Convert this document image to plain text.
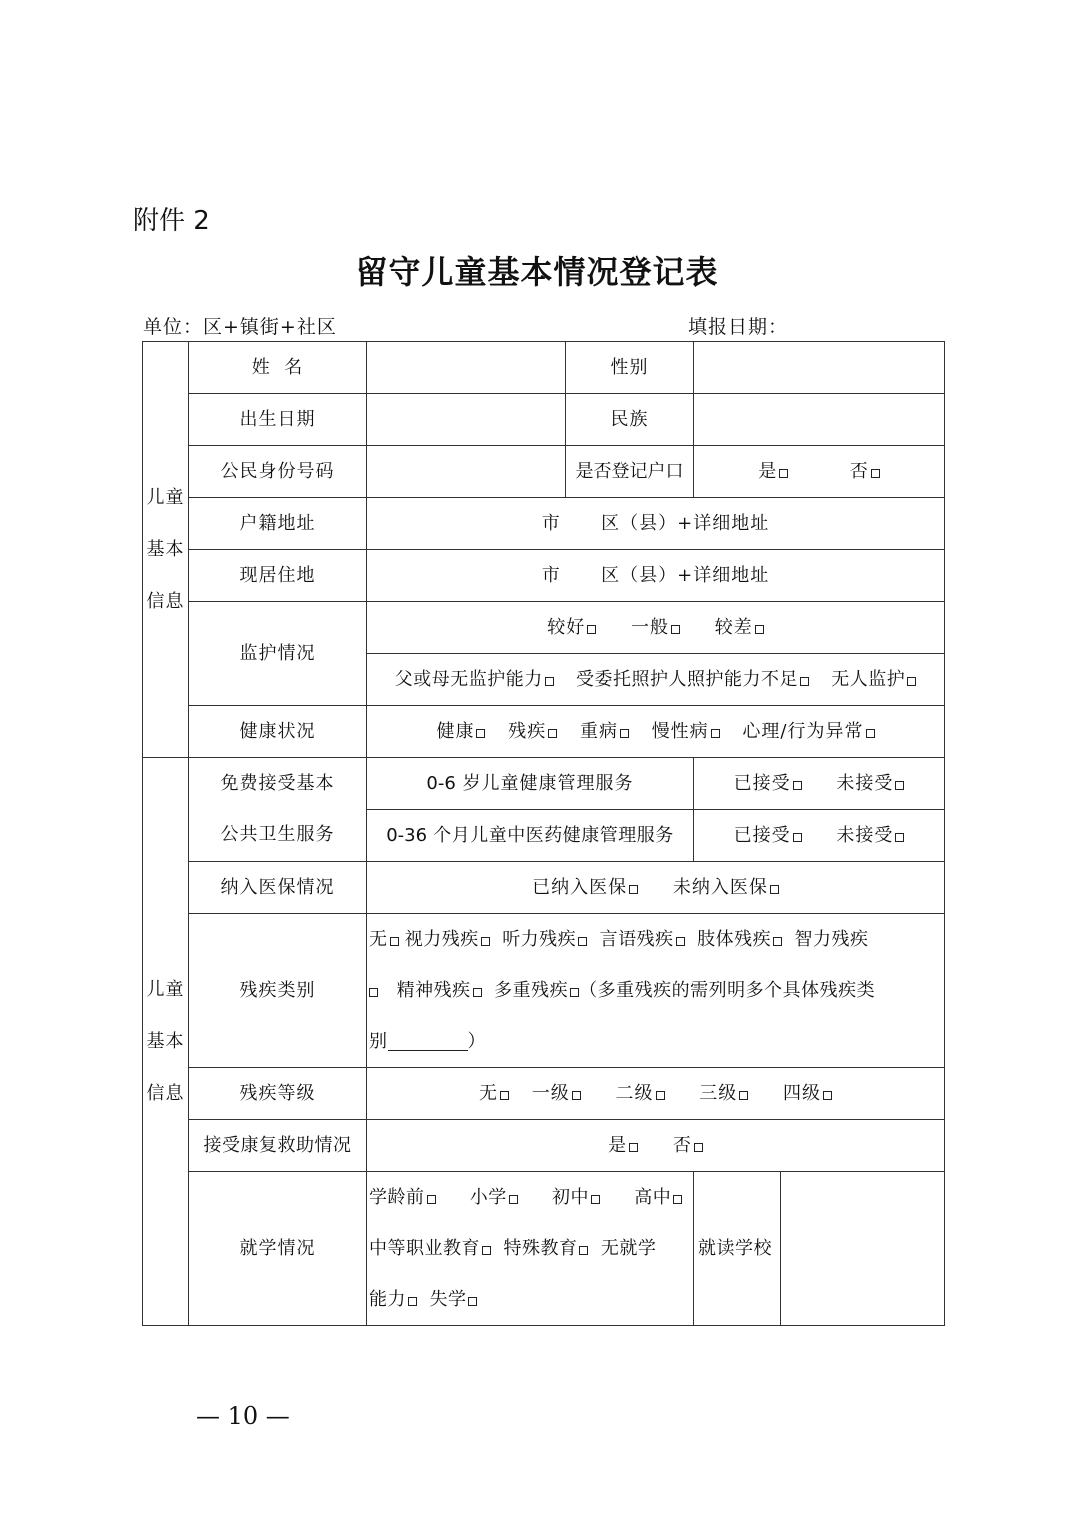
附件 2
留守儿童基本情况登记表
单位：区+镇街+社区	填报日期：
儿童
基本
信息	姓  名		性别		
	出生日期		民族		
	公民身份号码		是否登记户口	是 否	
	户籍地址	市      区（县）+详细地址			
	现居住地	市      区（县）+详细地址			
	监护情况	较好 一般 较差			
		父或母无监护能力 受委托照护人照护能力不足 无人监护			
	健康状况	健康 残疾 重病 慢性病 心理/行为异常			

儿童
基本
信息	免费接受基本	0-6 岁儿童健康管理服务		已接受 未接受	
	公共卫生服务	0-36 个月儿童中医药健康管理服务		已接受 未接受	
	纳入医保情况	已纳入医保 未纳入医保			
	残疾类别	无 视力残疾 听力残疾 言语残疾 肢体残疾 智力残疾
精神残疾 多重残疾 （多重残疾的需列明多个具体残疾类
别 ）			

	残疾等级	无 一级 二级 三级 四级			
	接受康复救助情况	是 否			
	就学情况	学龄前 小学 初中 高中
中等职业教育 特殊教育 无就学
能力 失学		就读学校	
— 10 —
